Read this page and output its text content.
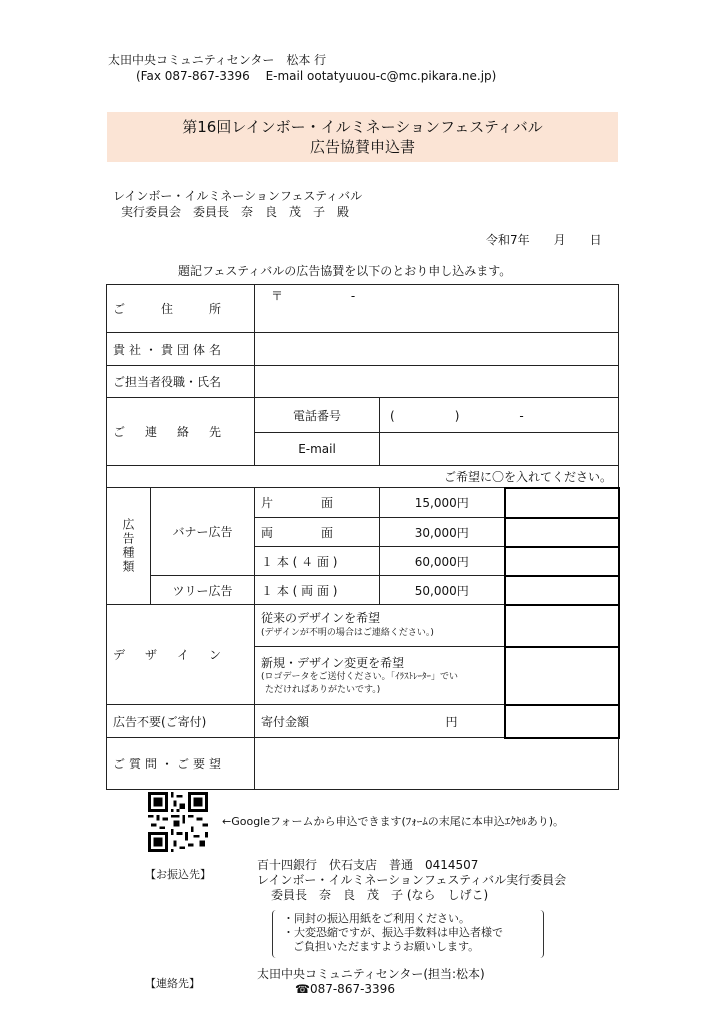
太田中央コミュニティセンター　松本 行
(Fax 087-867-3396　 E-mail ootatyuuou-c@mc.pikara.ne.jp)
第16回レインボー・イルミネーションフェスティバル
広告協賛申込書
レインボー・イルミネーションフェスティバル
実行委員会　委員長　奈　良　茂　子　殿
令和7年　　月　　日
題記フェスティバルの広告協賛を以下のとおり申し込みます。
ご　　住　　所		〒 -		
貴社・貴団体名				
ご担当者役職・氏名				
ご　連　絡　先		電話番号	(　　　　　)　　　　　-	
		E-mail		
ご希望に〇を入れてください。				

広告種類	バナー広告	片　　　　面	15,000円	
		両　　　　面	30,000円	
		１ 本 ( ４ 面 )	60,000円	
	ツリー広告	１ 本 ( 両 面 )	50,000円	
デ　ザ　イ　ン		従来のデザインを希望
(デザインが不明の場合はご連絡ください。)		

		新規・デザイン変更を希望
(ロゴデータをご送付ください。「ｲﾗｽﾄﾚｰﾀｰ」でい
ただければありがたいです。)		

広告不要(ご寄付)		寄付金額 円		

ご質問・ご要望				
←Googleフォームから申込できます(ﾌｫｰﾑの末尾に本申込ｴｸｾﾙあり)。
【お振込先】
百十四銀行　伏石支店　普通　0414507
レインボー・イルミネーションフェスティバル実行委員会
委員長　奈　良　茂　子 (なら　しげこ)
・同封の振込用紙をご利用ください。
・大変恐縮ですが、振込手数料は申込者様で
ご負担いただますようお願いします。
【連絡先】
太田中央コミュニティセンター(担当:松本)
☎087-867-3396
